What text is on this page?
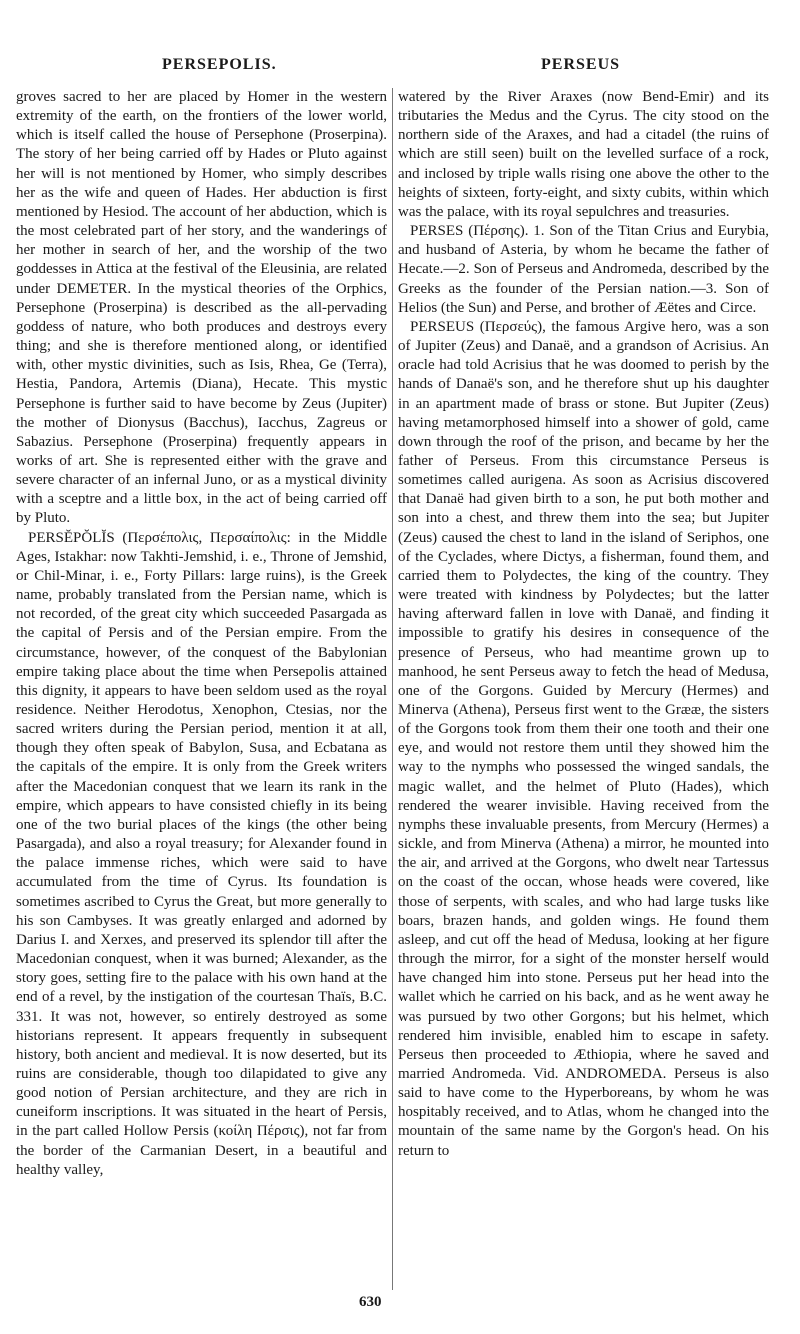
PERSEPOLIS.	PERSEUS

groves sacred to her are placed by Homer in the western extremity of the earth, on the frontiers of the lower world, which is itself called the house of Persephone (Proserpina). The story of her being carried off by Hades or Pluto against her will is not mentioned by Homer, who simply describes her as the wife and queen of Hades. Her abduction is first mentioned by Hesiod. The account of her abduction, which is the most celebrated part of her story, and the wanderings of her mother in search of her, and the worship of the two goddesses in Attica at the festival of the Eleusinia, are related under DEMETER. In the mystical theories of the Orphics, Persephone (Proserpina) is described as the all-pervading goddess of nature, who both produces and destroys every thing; and she is therefore mentioned along, or identified with, other mystic divinities, such as Isis, Rhea, Ge (Terra), Hestia, Pandora, Artemis (Diana), Hecate. This mystic Persephone is further said to have become by Zeus (Jupiter) the mother of Dionysus (Bacchus), Iacchus, Zagreus or Sabazius. Persephone (Proserpina) frequently appears in works of art. She is represented either with the grave and severe character of an infernal Juno, or as a mystical divinity with a sceptre and a little box, in the act of being carried off by Pluto.

PERSĔPŎLĬS (Περσέπολις, Περσαίπολις: in the Middle Ages, Istakhar: now Takhti-Jemshid, i. e., Throne of Jemshid, or Chil-Minar, i. e., Forty Pillars: large ruins), is the Greek name, probably translated from the Persian name, which is not recorded, of the great city which succeeded Pasargada as the capital of Persis and of the Persian empire. From the circumstance, however, of the conquest of the Babylonian empire taking place about the time when Persepolis attained this dignity, it appears to have been seldom used as the royal residence. Neither Herodotus, Xenophon, Ctesias, nor the sacred writers during the Persian period, mention it at all, though they often speak of Babylon, Susa, and Ecbatana as the capitals of the empire. It is only from the Greek writers after the Macedonian conquest that we learn its rank in the empire, which appears to have consisted chiefly in its being one of the two burial places of the kings (the other being Pasargada), and also a royal treasury; for Alexander found in the palace immense riches, which were said to have accumulated from the time of Cyrus. Its foundation is sometimes ascribed to Cyrus the Great, but more generally to his son Cambyses. It was greatly enlarged and adorned by Darius I. and Xerxes, and preserved its splendor till after the Macedonian conquest, when it was burned; Alexander, as the story goes, setting fire to the palace with his own hand at the end of a revel, by the instigation of the courtesan Thaïs, B.C. 331. It was not, however, so entirely destroyed as some historians represent. It appears frequently in subsequent history, both ancient and medieval. It is now deserted, but its ruins are considerable, though too dilapidated to give any good notion of Persian architecture, and they are rich in cuneiform inscriptions. It was situated in the heart of Persis, in the part called Hollow Persis (κοίλη Πέρσις), not far from the border of the Carmanian Desert, in a beautiful and healthy valley,

watered by the River Araxes (now Bend-Emir) and its tributaries the Medus and the Cyrus. The city stood on the northern side of the Araxes, and had a citadel (the ruins of which are still seen) built on the levelled surface of a rock, and inclosed by triple walls rising one above the other to the heights of sixteen, forty-eight, and sixty cubits, within which was the palace, with its royal sepulchres and treasuries.

PERSES (Πέρσης). 1. Son of the Titan Crius and Eurybia, and husband of Asteria, by whom he became the father of Hecate.—2. Son of Perseus and Andromeda, described by the Greeks as the founder of the Persian nation.—3. Son of Helios (the Sun) and Perse, and brother of Æëtes and Circe.

PERSEUS (Περσεύς), the famous Argive hero, was a son of Jupiter (Zeus) and Danaë, and a grandson of Acrisius. An oracle had told Acrisius that he was doomed to perish by the hands of Danaë's son, and he therefore shut up his daughter in an apartment made of brass or stone. But Jupiter (Zeus) having metamorphosed himself into a shower of gold, came down through the roof of the prison, and became by her the father of Perseus. From this circumstance Perseus is sometimes called aurigena. As soon as Acrisius discovered that Danaë had given birth to a son, he put both mother and son into a chest, and threw them into the sea; but Jupiter (Zeus) caused the chest to land in the island of Seriphos, one of the Cyclades, where Dictys, a fisherman, found them, and carried them to Polydectes, the king of the country. They were treated with kindness by Polydectes; but the latter having afterward fallen in love with Danaë, and finding it impossible to gratify his desires in consequence of the presence of Perseus, who had meantime grown up to manhood, he sent Perseus away to fetch the head of Medusa, one of the Gorgons. Guided by Mercury (Hermes) and Minerva (Athena), Perseus first went to the Grææ, the sisters of the Gorgons took from them their one tooth and their one eye, and would not restore them until they showed him the way to the nymphs who possessed the winged sandals, the magic wallet, and the helmet of Pluto (Hades), which rendered the wearer invisible. Having received from the nymphs these invaluable presents, from Mercury (Hermes) a sickle, and from Minerva (Athena) a mirror, he mounted into the air, and arrived at the Gorgons, who dwelt near Tartessus on the coast of the occan, whose heads were covered, like those of serpents, with scales, and who had large tusks like boars, brazen hands, and golden wings. He found them asleep, and cut off the head of Medusa, looking at her figure through the mirror, for a sight of the monster herself would have changed him into stone. Perseus put her head into the wallet which he carried on his back, and as he went away he was pursued by two other Gorgons; but his helmet, which rendered him invisible, enabled him to escape in safety. Perseus then proceeded to Æthiopia, where he saved and married Andromeda. Vid. ANDROMEDA. Perseus is also said to have come to the Hyperboreans, by whom he was hospitably received, and to Atlas, whom he changed into the mountain of the same name by the Gorgon's head. On his return to

630
